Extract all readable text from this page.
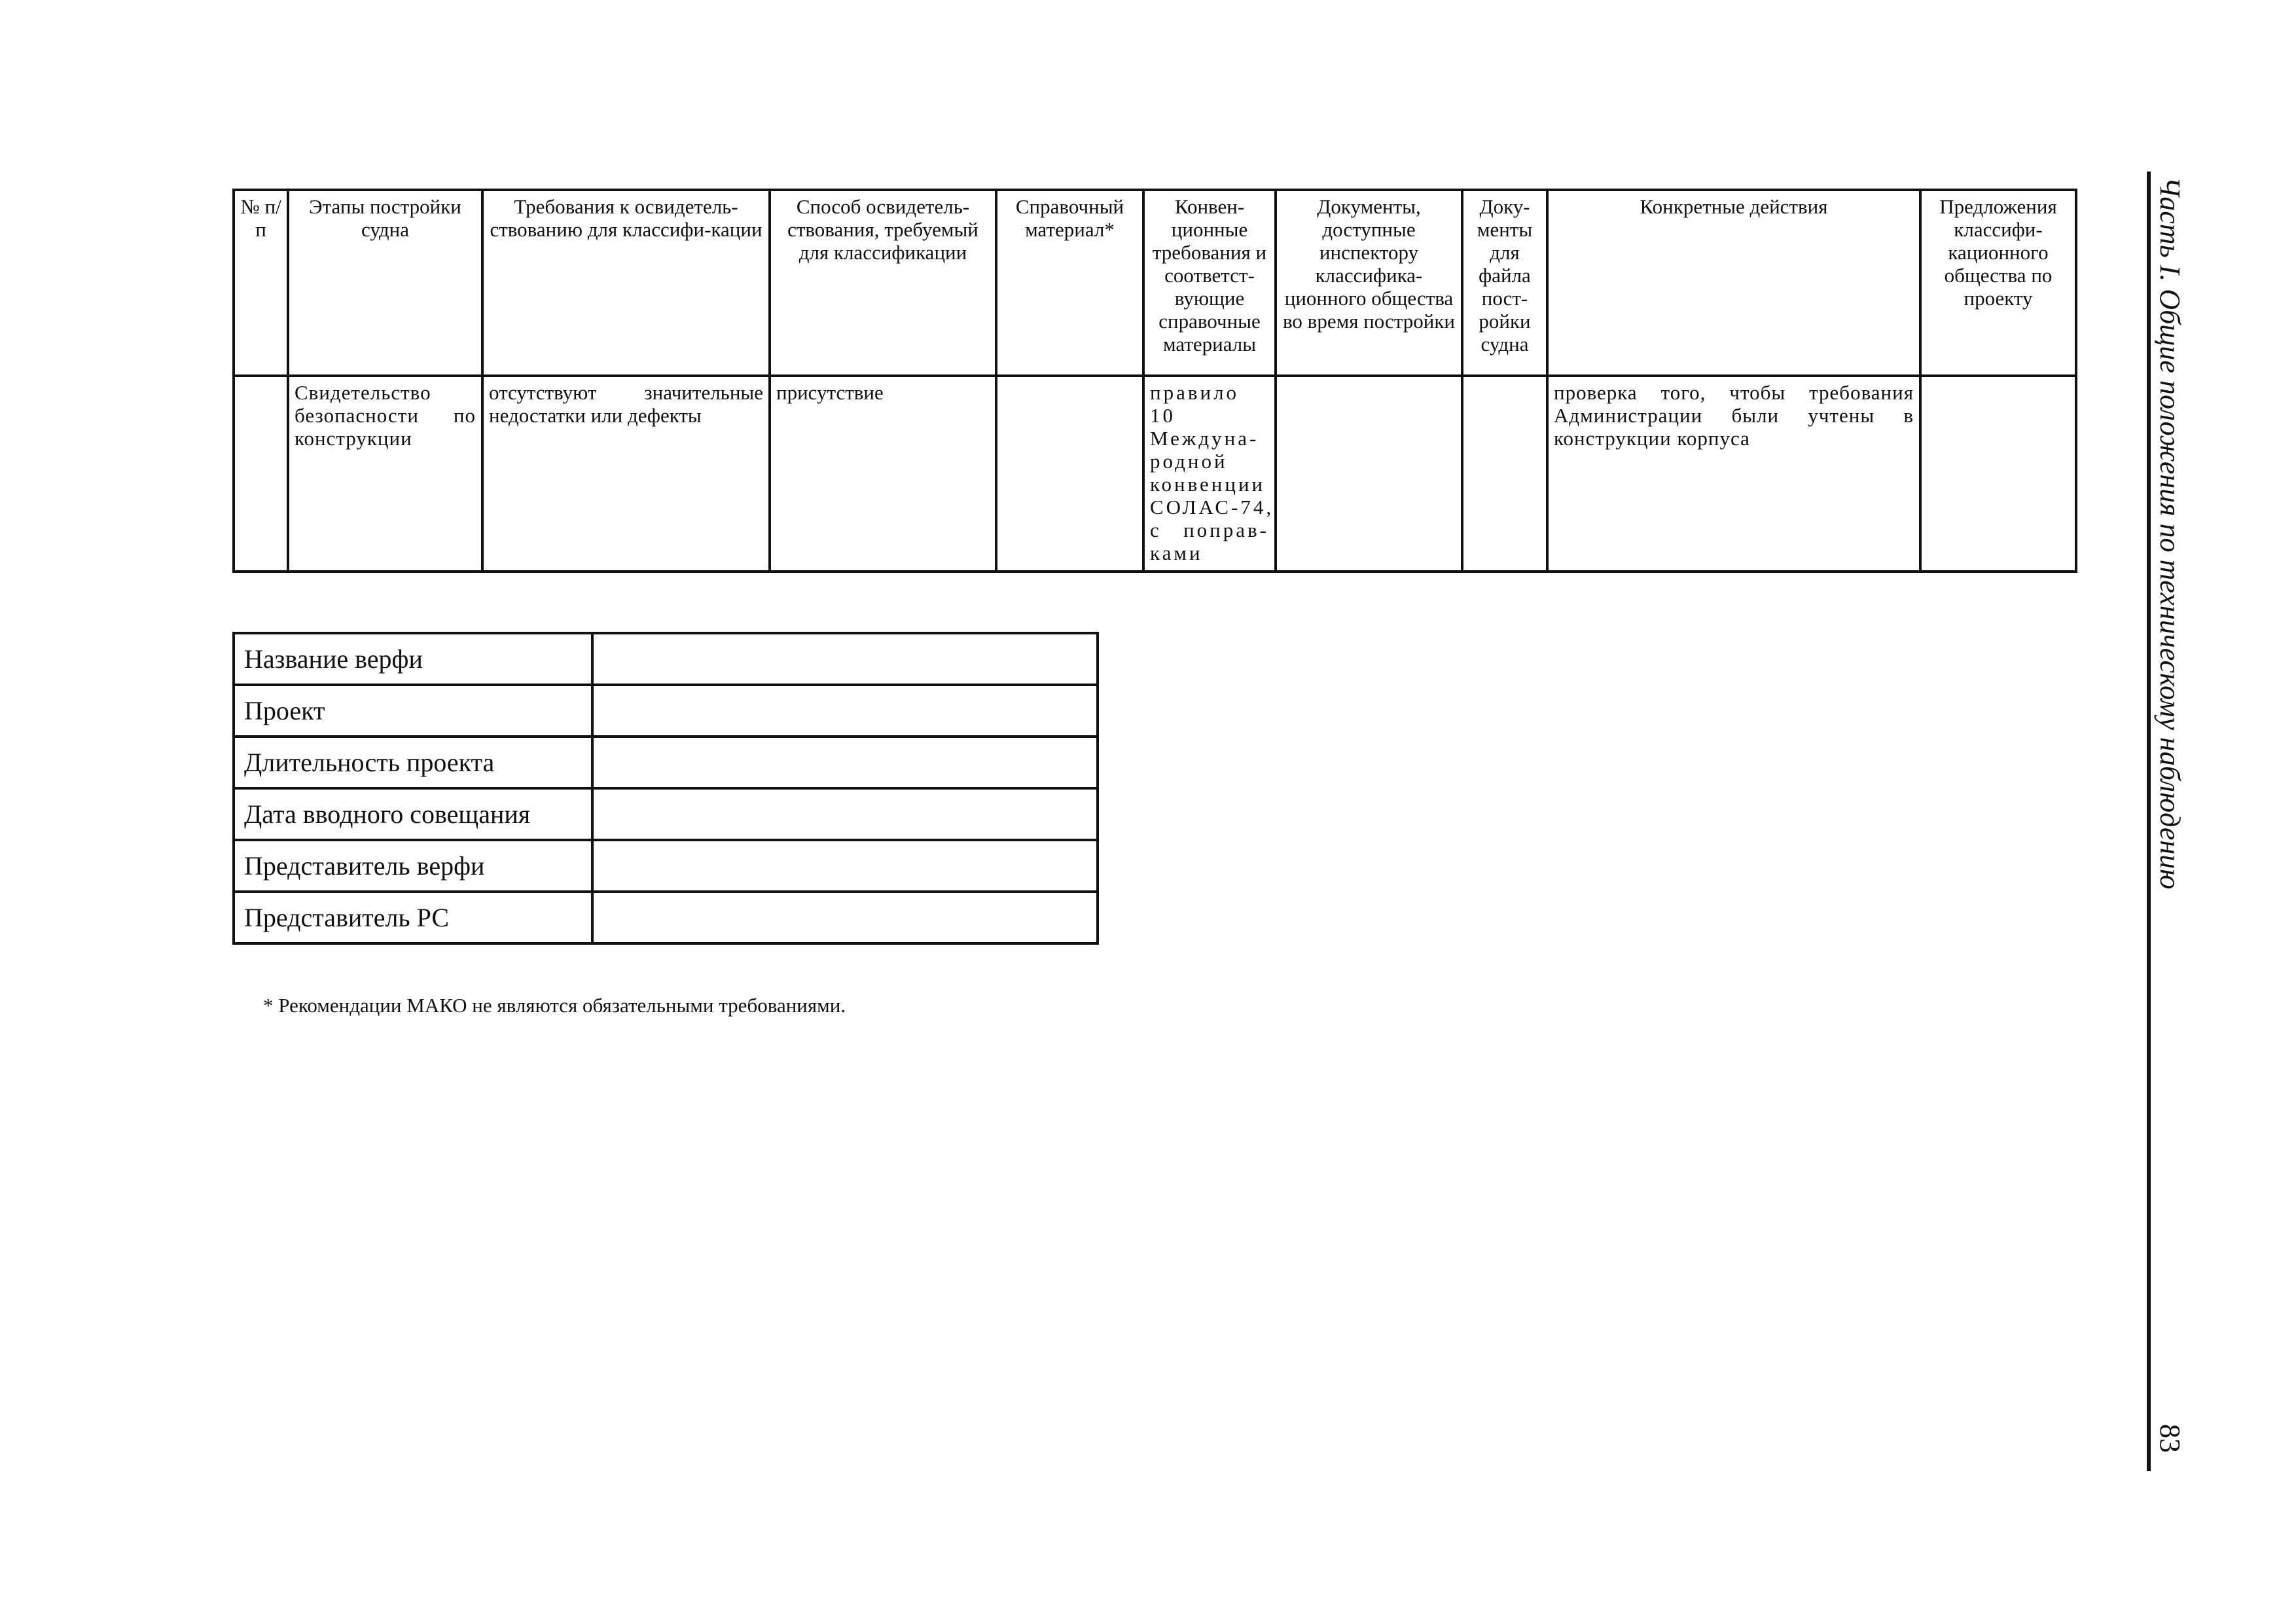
№ п/п	Этапы постройки судна	Требования к освидетель-ствованию для классифи-кации	Способ освидетель-ствования, требуемый для классификации	Справочный материал*	Конвен-ционные требования и соответст-вующие справочные материалы	Документы, доступные инспектору классифика-ционного общества во время постройки	Доку-менты для файла пост-ройки судна	Конкретные действия	Предложения классифи-кационного общества по проекту
	Свидетельство безопасности по конструкции	отсутствуют значительные недостатки или дефекты	присутствие		правило 10 Междуна-родной конвенции СОЛАС-74, с поправ-ками			проверка того, чтобы требования Администрации были учтены в конструкции корпуса	
Название верфи	
Проект	
Длительность проекта	
Дата вводного совещания	
Представитель верфи	
Представитель РС	
* Рекомендации МАКО не являются обязательными требованиями.
Часть I. Общие положения по техническому наблюдению
83
